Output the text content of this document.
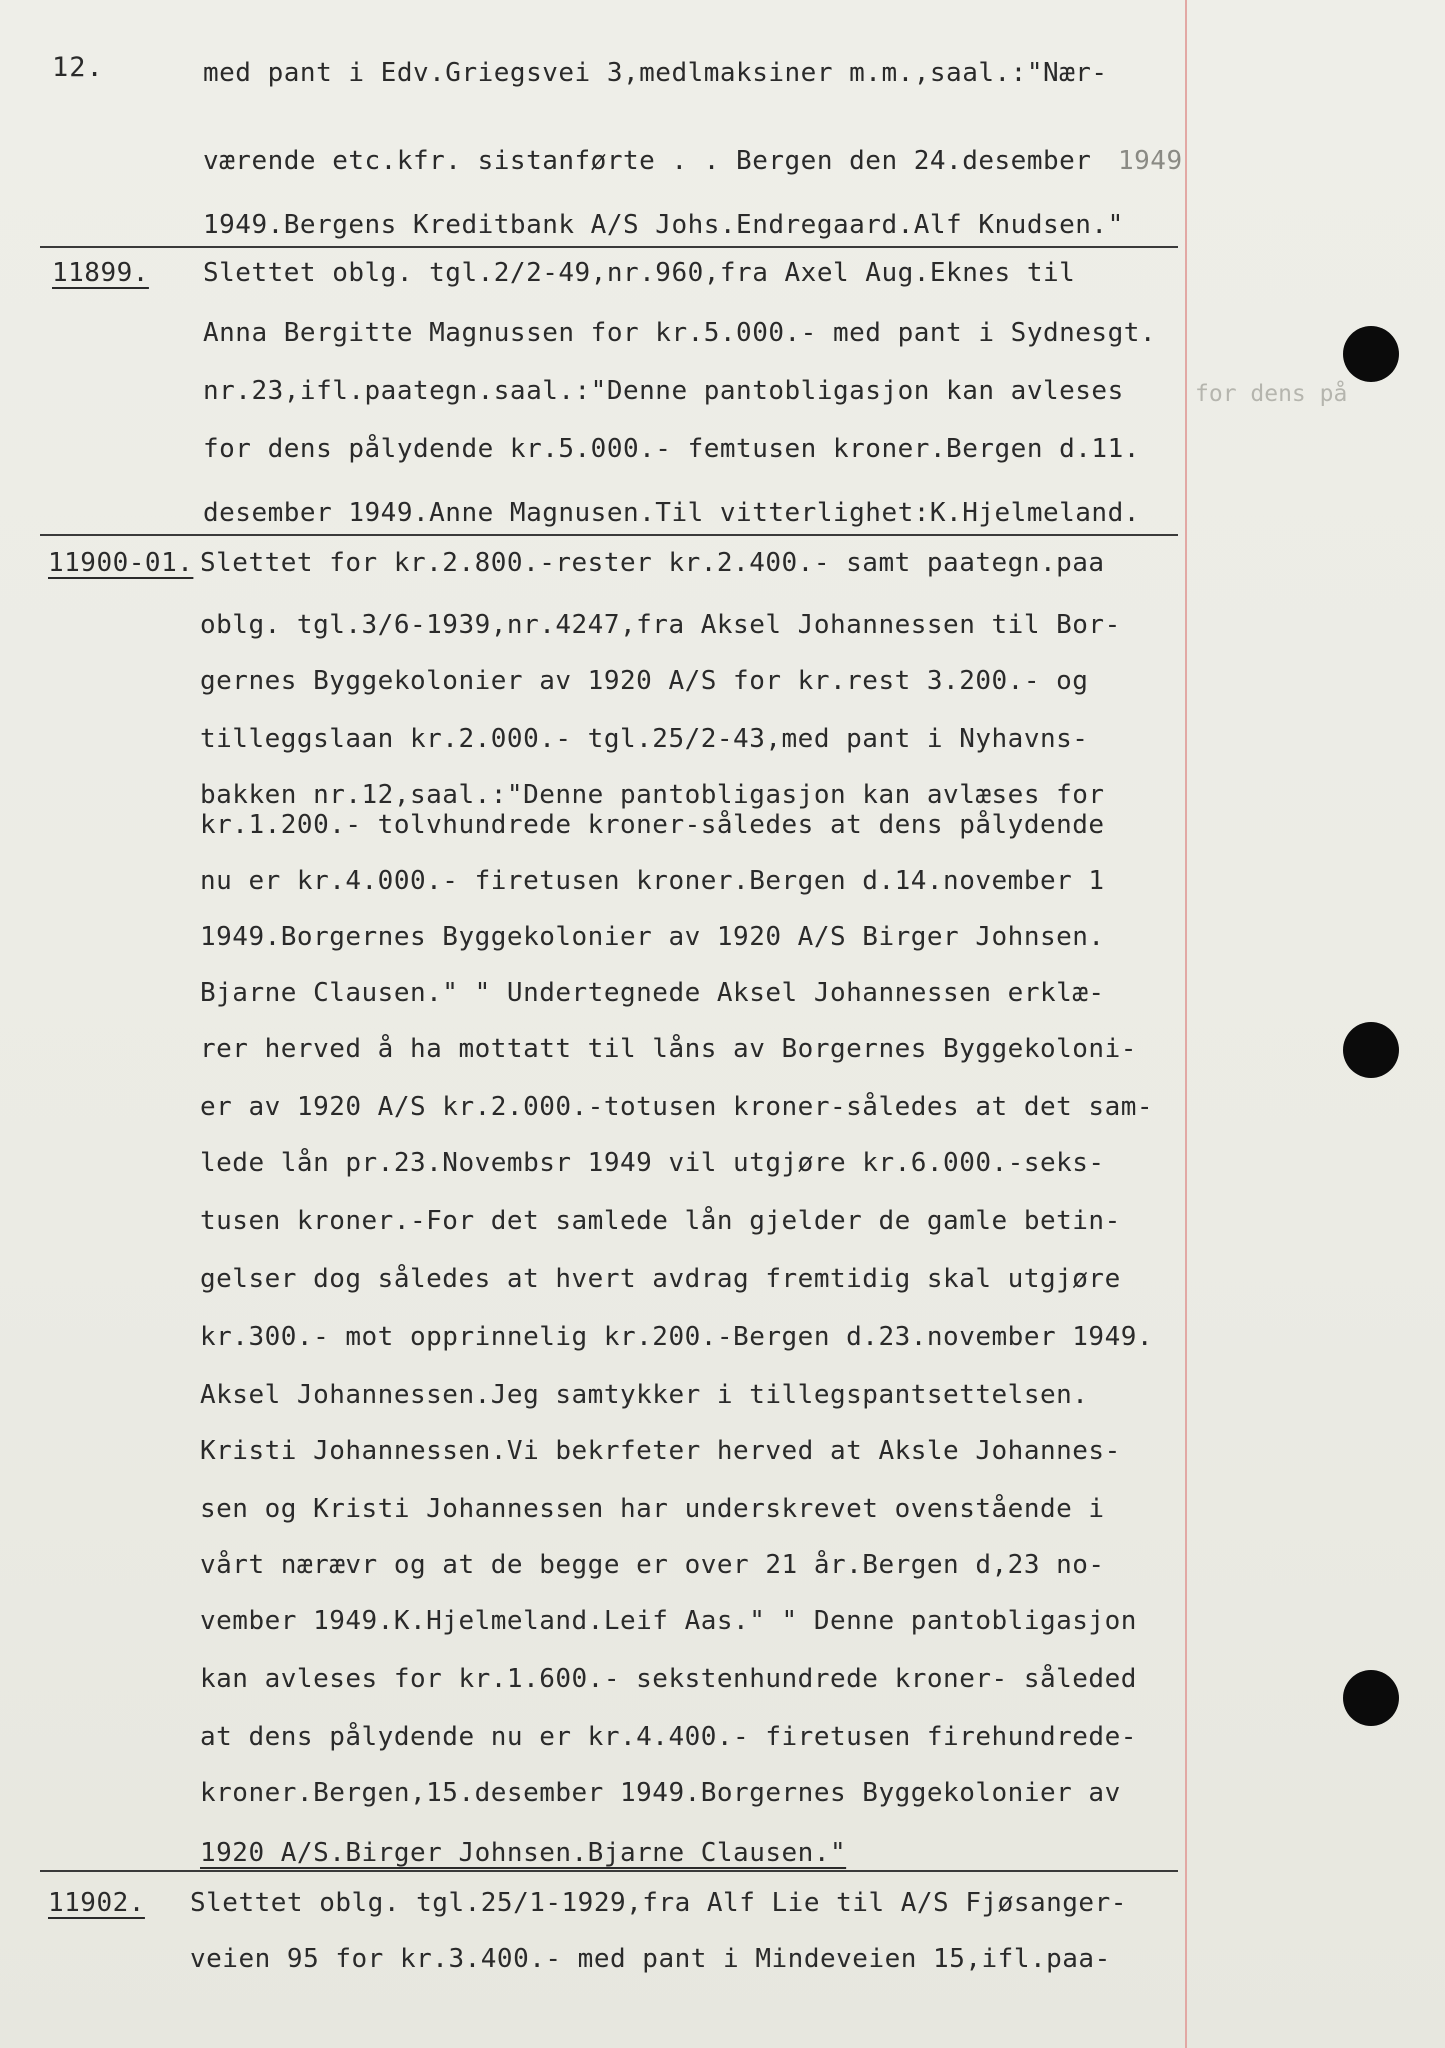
for dens på
12.	med pant i Edv.Griegsvei 3,medlmaksiner m.m.,saal.:"Nær-
værende etc.kfr. sistanførte . . Bergen den 24.desember 1949
1949.Bergens Kreditbank A/S Johs.Endregaard.Alf Knudsen."
11899. Slettet oblg. tgl.2/2-49,nr.960,fra Axel Aug.Eknes til
Anna Bergitte Magnussen for kr.5.000.- med pant i Sydnesgt.
nr.23,ifl.paategn.saal.:"Denne pantobligasjon kan avleses
for dens pålydende kr.5.000.- femtusen kroner.Bergen d.11.
desember 1949.Anne Magnusen.Til vitterlighet:K.Hjelmeland.
11900-01. Slettet for kr.2.800.-rester kr.2.400.- samt paategn.paa
oblg. tgl.3/6-1939,nr.4247,fra Aksel Johannessen til Bor-
gernes Byggekolonier av 1920 A/S for kr.rest 3.200.- og
tilleggslaan kr.2.000.- tgl.25/2-43,med pant i Nyhavns-
bakken nr.12,saal.:"Denne pantobligasjon kan avlæses for
kr.1.200.- tolvhundrede kroner-således at dens pålydende
nu er kr.4.000.- firetusen kroner.Bergen d.14.november 1
1949.Borgernes Byggekolonier av 1920 A/S Birger Johnsen.
Bjarne Clausen." " Undertegnede Aksel Johannessen erklæ-
rer herved å ha mottatt til låns av Borgernes Byggekoloni-
er av 1920 A/S kr.2.000.-totusen kroner-således at det sam-
lede lån pr.23.Novembsr 1949 vil utgjøre kr.6.000.-seks-
tusen kroner.-For det samlede lån gjelder de gamle betin-
gelser dog således at hvert avdrag fremtidig skal utgjøre
kr.300.- mot opprinnelig kr.200.-Bergen d.23.november 1949.
Aksel Johannessen.Jeg samtykker i tillegspantsettelsen.
Kristi Johannessen.Vi bekrfeter herved at Aksle Johannes-
sen og Kristi Johannessen har underskrevet ovenstående i
vårt nærævr og at de begge er over 21 år.Bergen d,23 no-
vember 1949.K.Hjelmeland.Leif Aas." " Denne pantobligasjon
kan avleses for kr.1.600.- sekstenhundrede kroner- såleded
at dens pålydende nu er kr.4.400.- firetusen firehundrede-
kroner.Bergen,15.desember 1949.Borgernes Byggekolonier av
1920 A/S.Birger Johnsen.Bjarne Clausen."
11902. Slettet oblg. tgl.25/1-1929,fra Alf Lie til A/S Fjøsanger-
veien 95 for kr.3.400.- med pant i Mindeveien 15,ifl.paa-
